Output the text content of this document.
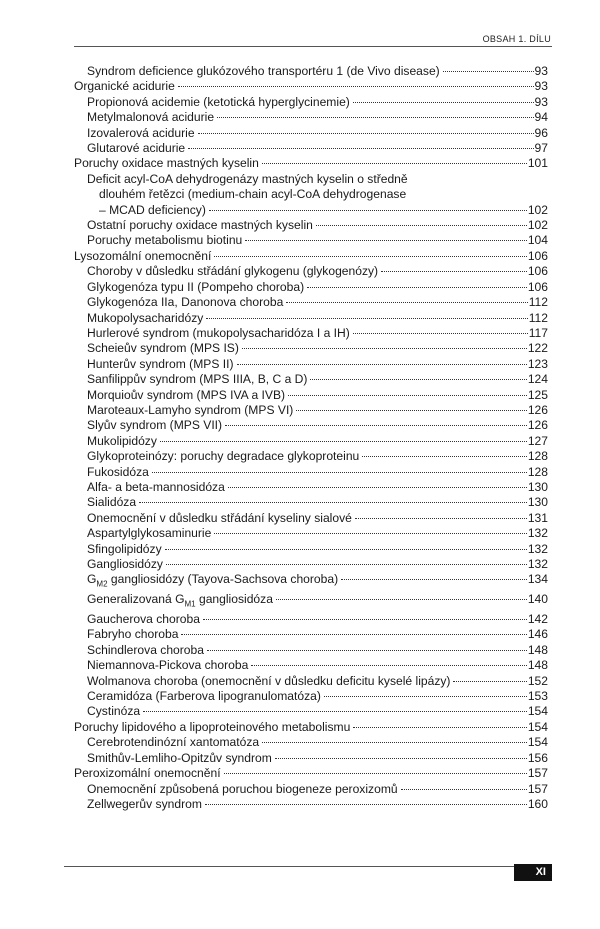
OBSAH 1. DÍLU
Syndrom deficience glukózového transportéru 1 (de Vivo disease)	93
Organické acidurie	93
Propionová acidemie (ketotická hyperglycinemie)	93
Metylmalonová acidurie	94
Izovalerová acidurie	96
Glutarové acidurie	97
Poruchy oxidace mastných kyselin	101
Deficit acyl-CoA dehydrogenázy mastných kyselin o středně
dlouhém řetězci (medium-chain acyl-CoA dehydrogenase
– MCAD deficiency)	102
Ostatní poruchy oxidace mastných kyselin	102
Poruchy metabolismu biotinu	104
Lysozomální onemocnění	106
Choroby v důsledku střádání glykogenu (glykogenózy)	106
Glykogenóza typu II (Pompeho choroba)	106
Glykogenóza IIa, Danonova choroba	112
Mukopolysacharidózy	112
Hurlerové syndrom (mukopolysacharidóza I a IH)	117
Scheieův syndrom (MPS IS)	122
Hunterův syndrom (MPS II)	123
Sanfilippův syndrom (MPS IIIA, B, C a D)	124
Morquioův syndrom (MPS IVA a IVB)	125
Maroteaux-Lamyho syndrom (MPS VI)	126
Slyův syndrom (MPS VII)	126
Mukolipidózy	127
Glykoproteinózy: poruchy degradace glykoproteinu	128
Fukosidóza	128
Alfa- a beta-mannosidóza	130
Sialidóza	130
Onemocnění v důsledku střádání kyseliny sialové	131
Aspartylglykosaminurie	132
Sfingolipidózy	132
Gangliosidózy	132
$G_{M2}$ gangliosidózy (Tayova-Sachsova choroba)	134
Generalizovaná $G_{M1}$ gangliosidóza	140
Gaucherova choroba	142
Fabryho choroba	146
Schindlerova choroba	148
Niemannova-Pickova choroba	148
Wolmanova choroba (onemocnění v důsledku deficitu kyselé lipázy)	152
Ceramidóza (Farberova lipogranulomatóza)	153
Cystinóza	154
Poruchy lipidového a lipoproteinového metabolismu	154
Cerebrotendinózní xantomatóza	154
Smithův-Lemliho-Opitzův syndrom	156
Peroxizomální onemocnění	157
Onemocnění způsobená poruchou biogeneze peroxizomů	157
Zellwegerův syndrom	160
XI
